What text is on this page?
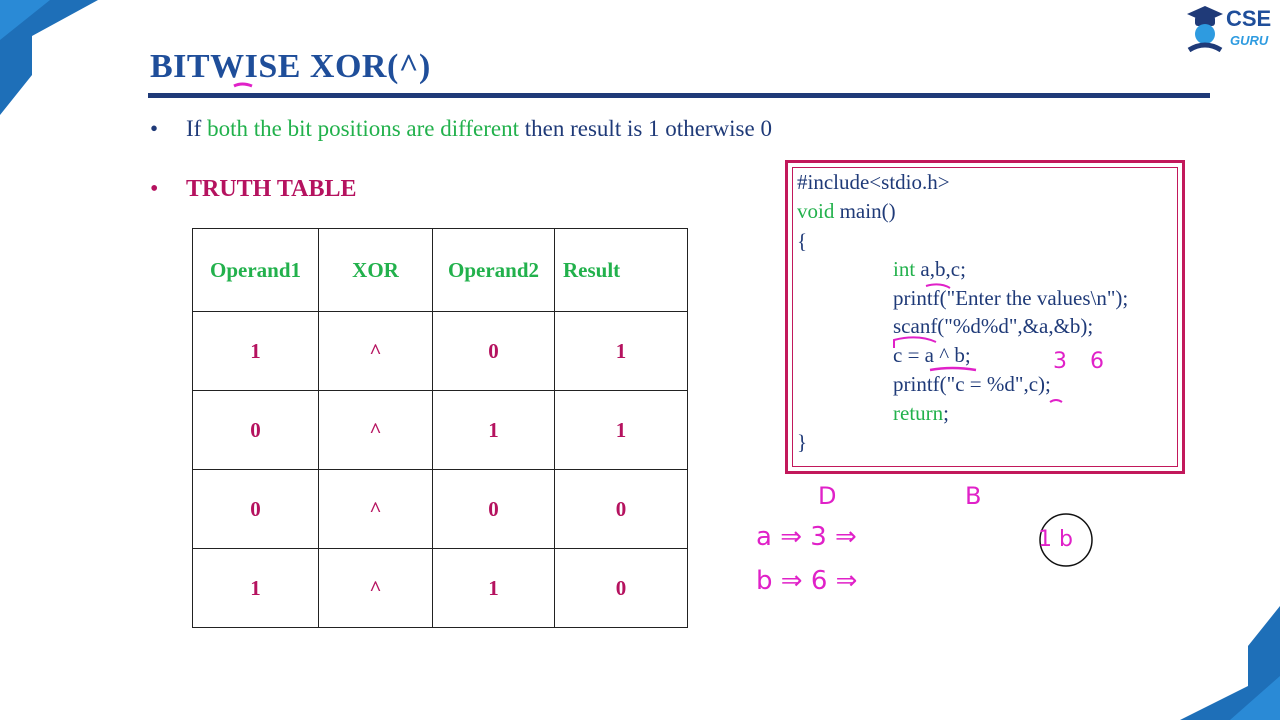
CSE
GURU
BITWISE XOR(^)
• If both the bit positions are different then result is 1 otherwise 0
• TRUTH TABLE
Operand1	XOR	Operand2	Result
1	^	0	1
0	^	1	1
0	^	0	0
1	^	1	0
#include<stdio.h>
void main()
{
int a,b,c;
printf("Enter the values\n");
scanf("%d%d",&a,&b);
c = a ^ b;
printf("c = %d",c);
return;
}
3 6
D	B
a ⇒ 3 ⇒
b ⇒ 6 ⇒
1 b
